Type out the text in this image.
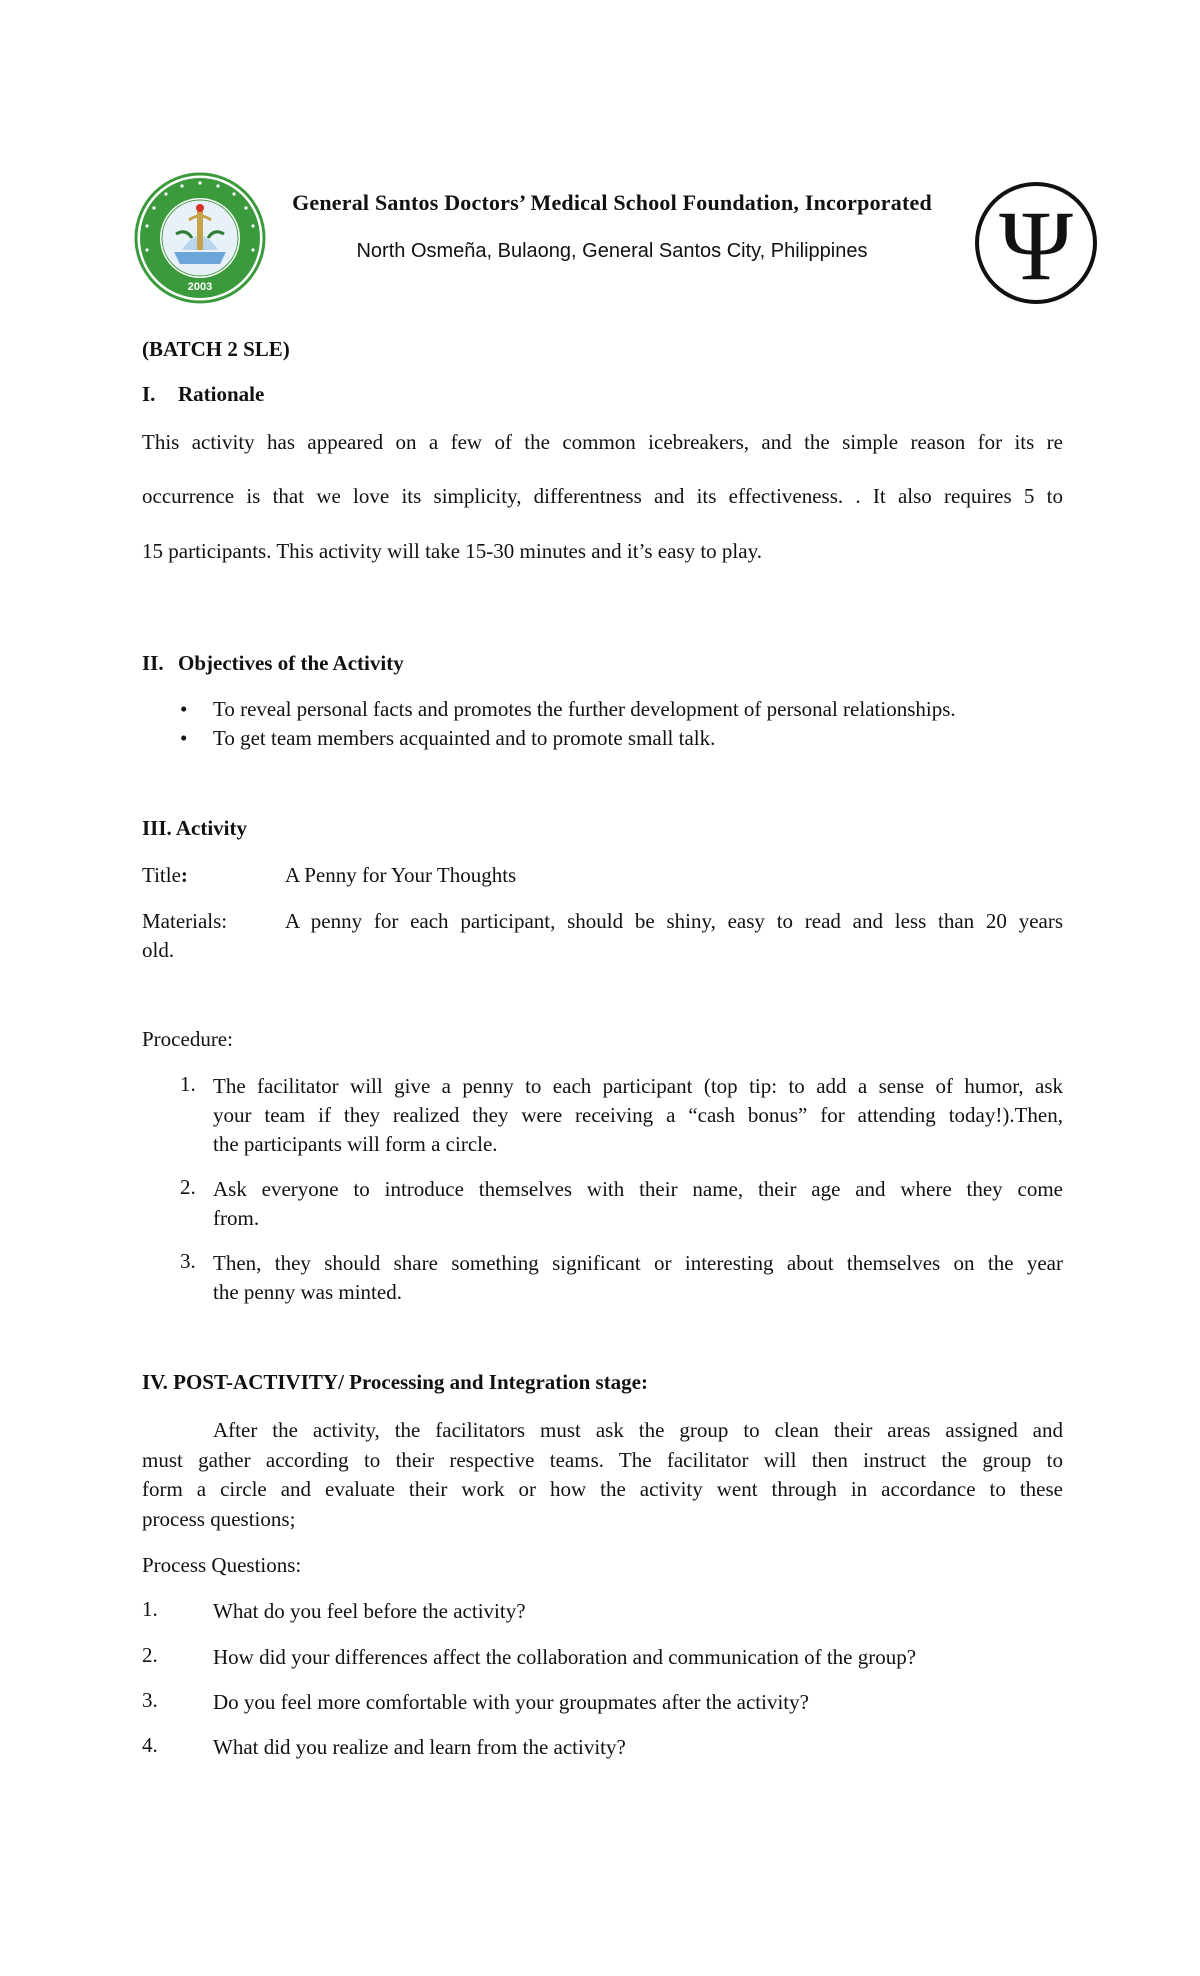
2003
General Santos Doctors’ Medical School Foundation, Incorporated
North Osmeña, Bulaong, General Santos City, Philippines	Ψ
(BATCH 2 SLE)
I. Rationale
This activity has appeared on a few of the common icebreakers, and the simple reason for its re
occurrence is that we love its simplicity, differentness and its effectiveness. . It also requires 5 to
15 participants. This activity will take 15-30 minutes and it’s easy to play.
II. Objectives of the Activity
• To reveal personal facts and promotes the further development of personal relationships.
• To get team members acquainted and to promote small talk.
III. Activity
Title:	A Penny for Your Thoughts
Materials:	A penny for each participant, should be shiny, easy to read and less than 20 years
old.
Procedure:
1. The facilitator will give a penny to each participant (top tip: to add a sense of humor, ask
your team if they realized they were receiving a “cash bonus” for attending today!).Then,
the participants will form a circle.
2. Ask everyone to introduce themselves with their name, their age and where they come
from.
3. Then, they should share something significant or interesting about themselves on the year
the penny was minted.
IV. POST-ACTIVITY/ Processing and Integration stage:
After the activity, the facilitators must ask the group to clean their areas assigned and
must gather according to their respective teams. The facilitator will then instruct the group to
form a circle and evaluate their work or how the activity went through in accordance to these
process questions;
Process Questions:
1.	What do you feel before the activity?
2.	How did your differences affect the collaboration and communication of the group?
3.	Do you feel more comfortable with your groupmates after the activity?
4.	What did you realize and learn from the activity?
